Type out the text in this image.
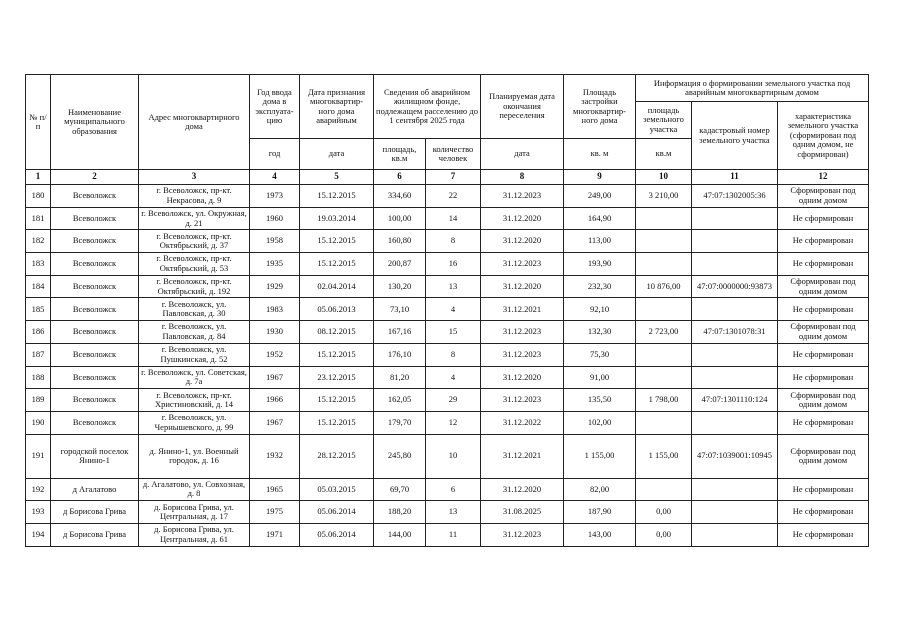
№ п/п	Наименование муниципального образования	Адрес многоквартирного дома	Год ввода дома в эксплуата-цию	Дата признания многоквартир-ного дома аварийным	Сведения об аварийном жилищном фонде, подлежащем расселению до 1 сентября 2025 года		Планируемая дата окончания переселения	Площадь застройки многоквартир-ного дома	Информация о формировании земельного участка под аварийным многоквартирным домом		
									площадь земельного участка	кадастровый номер земельного участка	характеристика земельного участка (сформирован под одним домом, не сформирован)
			год	дата	площадь, кв.м	количество человек	дата	кв. м	кв.м		
1	2	3	4	5	6	7	8	9	10	11	12
180	Всеволожск	г. Всеволожск, пр-кт. Некрасова, д. 9	1973	15.12.2015	334,60	22	31.12.2023	249,00	3 210,00	47:07:1302005:36	Сформирован под одним домом
181	Всеволожск	г. Всеволожск, ул. Окружная, д. 21	1960	19.03.2014	100,00	14	31.12.2020	164,90			Не сформирован
182	Всеволожск	г. Всеволожск, пр-кт. Октябрьский, д. 37	1958	15.12.2015	160,80	8	31.12.2020	113,00			Не сформирован
183	Всеволожск	г. Всеволожск, пр-кт. Октябрьский, д. 53	1935	15.12.2015	200,87	16	31.12.2023	193,90			Не сформирован
184	Всеволожск	г. Всеволожск, пр-кт. Октябрьский, д. 192	1929	02.04.2014	130,20	13	31.12.2020	232,30	10 876,00	47:07:0000000:93873	Сформирован под одним домом
185	Всеволожск	г. Всеволожск, ул. Павловская, д. 30	1983	05.06.2013	73,10	4	31.12.2021	92,10			Не сформирован
186	Всеволожск	г. Всеволожск, ул. Павловская, д. 84	1930	08.12.2015	167,16	15	31.12.2023	132,30	2 723,00	47:07:1301078:31	Сформирован под одним домом
187	Всеволожск	г. Всеволожск, ул. Пушкинская, д. 52	1952	15.12.2015	176,10	8	31.12.2023	75,30			Не сформирован
188	Всеволожск	г. Всеволожск, ул. Советская, д. 7а	1967	23.12.2015	81,20	4	31.12.2020	91,00			Не сформирован
189	Всеволожск	г. Всеволожск, пр-кт. Христиновский, д. 14	1966	15.12.2015	162,05	29	31.12.2023	135,50	1 798,00	47:07:1301110:124	Сформирован под одним домом
190	Всеволожск	г. Всеволожск, ул. Чернышевского, д. 99	1967	15.12.2015	179,70	12	31.12.2022	102,00			Не сформирован
191	городской поселок Янино-1	д. Янино-1, ул. Военный городок, д. 16	1932	28.12.2015	245,80	10	31.12.2021	1 155,00	1 155,00	47:07:1039001:10945	Сформирован под одним домом
192	д Агалатово	д. Агалатово, ул. Совхозная, д. 8	1965	05.03.2015	69,70	6	31.12.2020	82,00			Не сформирован
193	д Борисова Грива	д. Борисова Грива, ул. Центральная, д. 17	1975	05.06.2014	188,20	13	31.08.2025	187,90	0,00		Не сформирован
194	д Борисова Грива	д. Борисова Грива, ул. Центральная, д. 61	1971	05.06.2014	144,00	11	31.12.2023	143,00	0,00		Не сформирован
